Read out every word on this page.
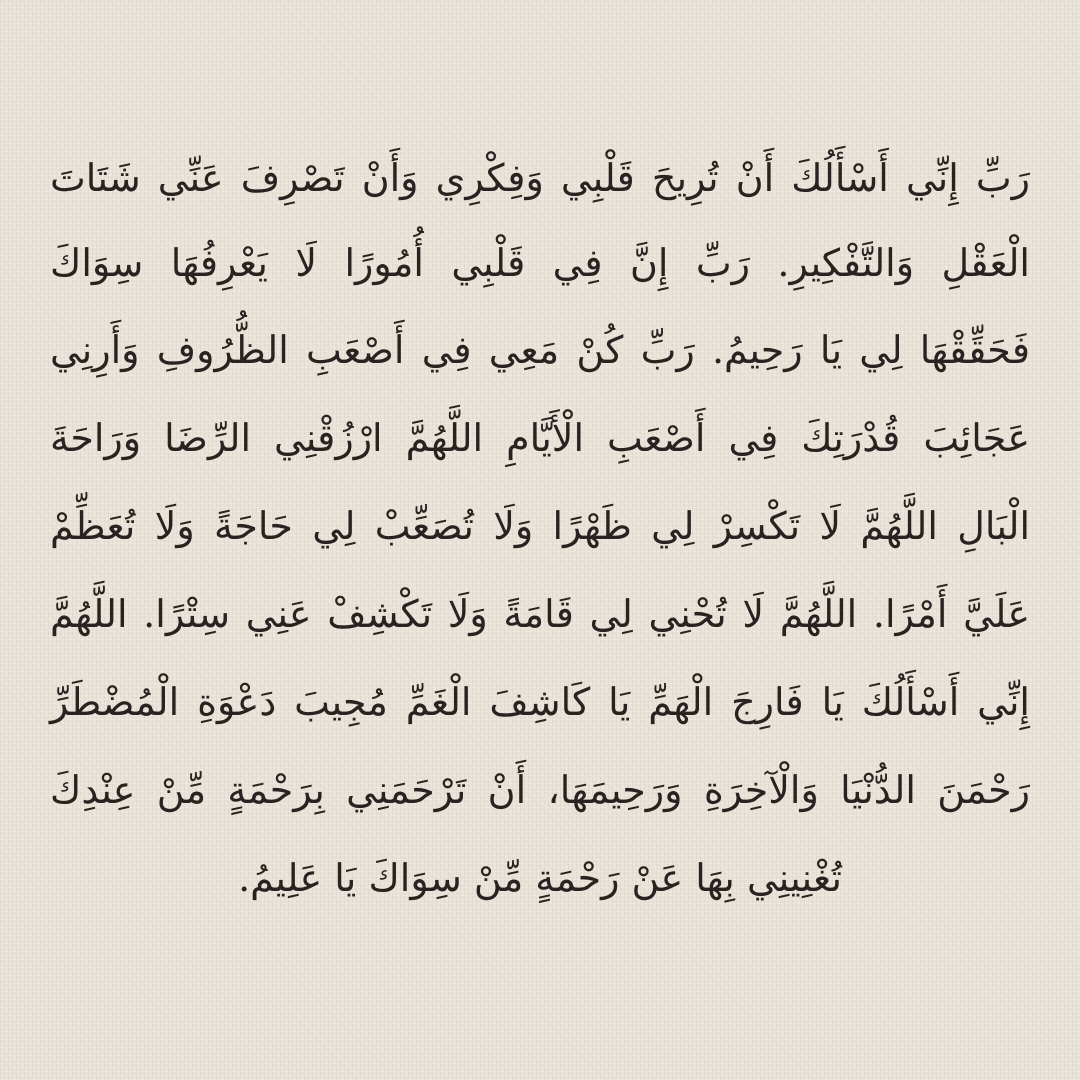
رَبِّ إِنِّي أَسْأَلُكَ أَنْ تُرِيحَ قَلْبِي وَفِكْرِي وَأَنْ تَصْرِفَ عَنِّي شَتَاتَ
الْعَقْلِ وَالتَّفْكِيرِ. رَبِّ إِنَّ فِي قَلْبِي أُمُورًا لَا يَعْرِفُهَا سِوَاكَ
فَحَقِّقْهَا لِي يَا رَحِيمُ. رَبِّ كُنْ مَعِي فِي أَصْعَبِ الظُّرُوفِ وَأَرِنِي
عَجَائِبَ قُدْرَتِكَ فِي أَصْعَبِ الْأَيَّامِ اللَّهُمَّ ارْزُقْنِي الرِّضَا وَرَاحَةَ
الْبَالِ اللَّهُمَّ لَا تَكْسِرْ لِي ظَهْرًا وَلَا تُصَعِّبْ لِي حَاجَةً وَلَا تُعَظِّمْ
عَلَيَّ أَمْرًا. اللَّهُمَّ لَا تُحْنِي لِي قَامَةً وَلَا تَكْشِفْ عَنِي سِتْرًا. اللَّهُمَّ
إِنِّي أَسْأَلُكَ يَا فَارِجَ الْهَمِّ يَا كَاشِفَ الْغَمِّ مُجِيبَ دَعْوَةِ الْمُضْطَرِّ
رَحْمَنَ الدُّنْيَا وَالْآخِرَةِ وَرَحِيمَهَا، أَنْ تَرْحَمَنِي بِرَحْمَةٍ مِّنْ عِنْدِكَ
تُغْنِينِي بِهَا عَنْ رَحْمَةٍ مِّنْ سِوَاكَ يَا عَلِيمُ.
